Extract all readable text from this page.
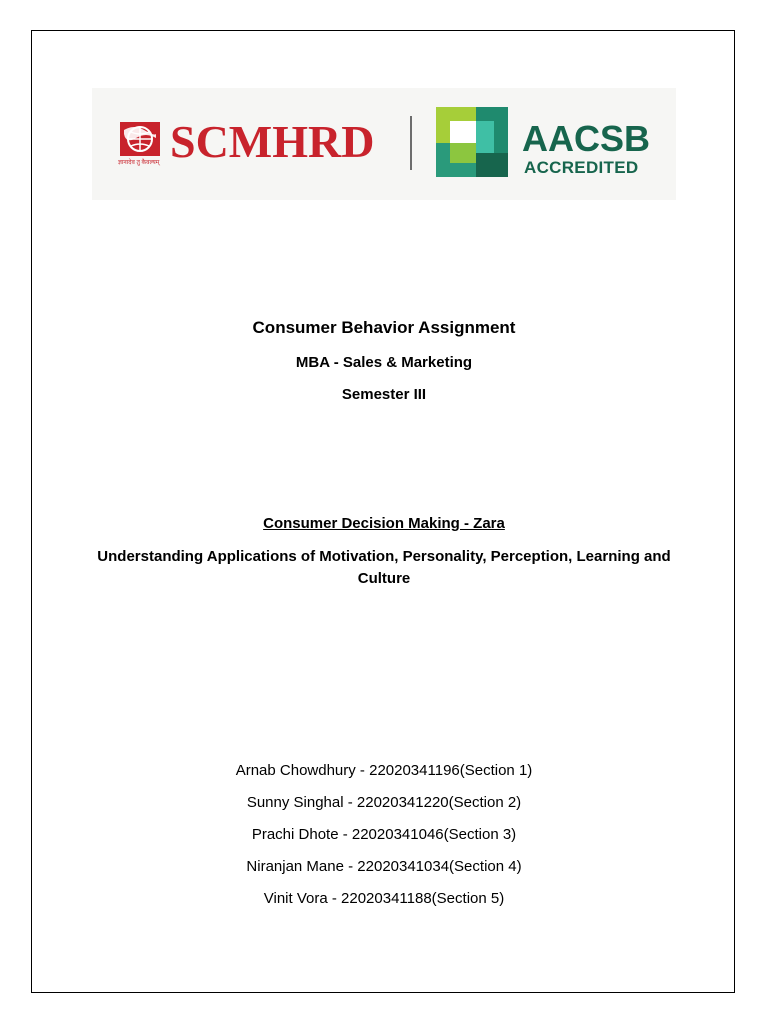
ज्ञानादेव तु कैवल्यम् SCMHRD	AACSB
ACCREDITED
Consumer Behavior Assignment
MBA - Sales & Marketing
Semester III
Consumer Decision Making - Zara
Understanding Applications of Motivation, Personality, Perception, Learning and Culture
Arnab Chowdhury - 22020341196(Section 1)
Sunny Singhal - 22020341220(Section 2)
Prachi Dhote - 22020341046(Section 3)
Niranjan Mane - 22020341034(Section 4)
Vinit Vora - 22020341188(Section 5)
